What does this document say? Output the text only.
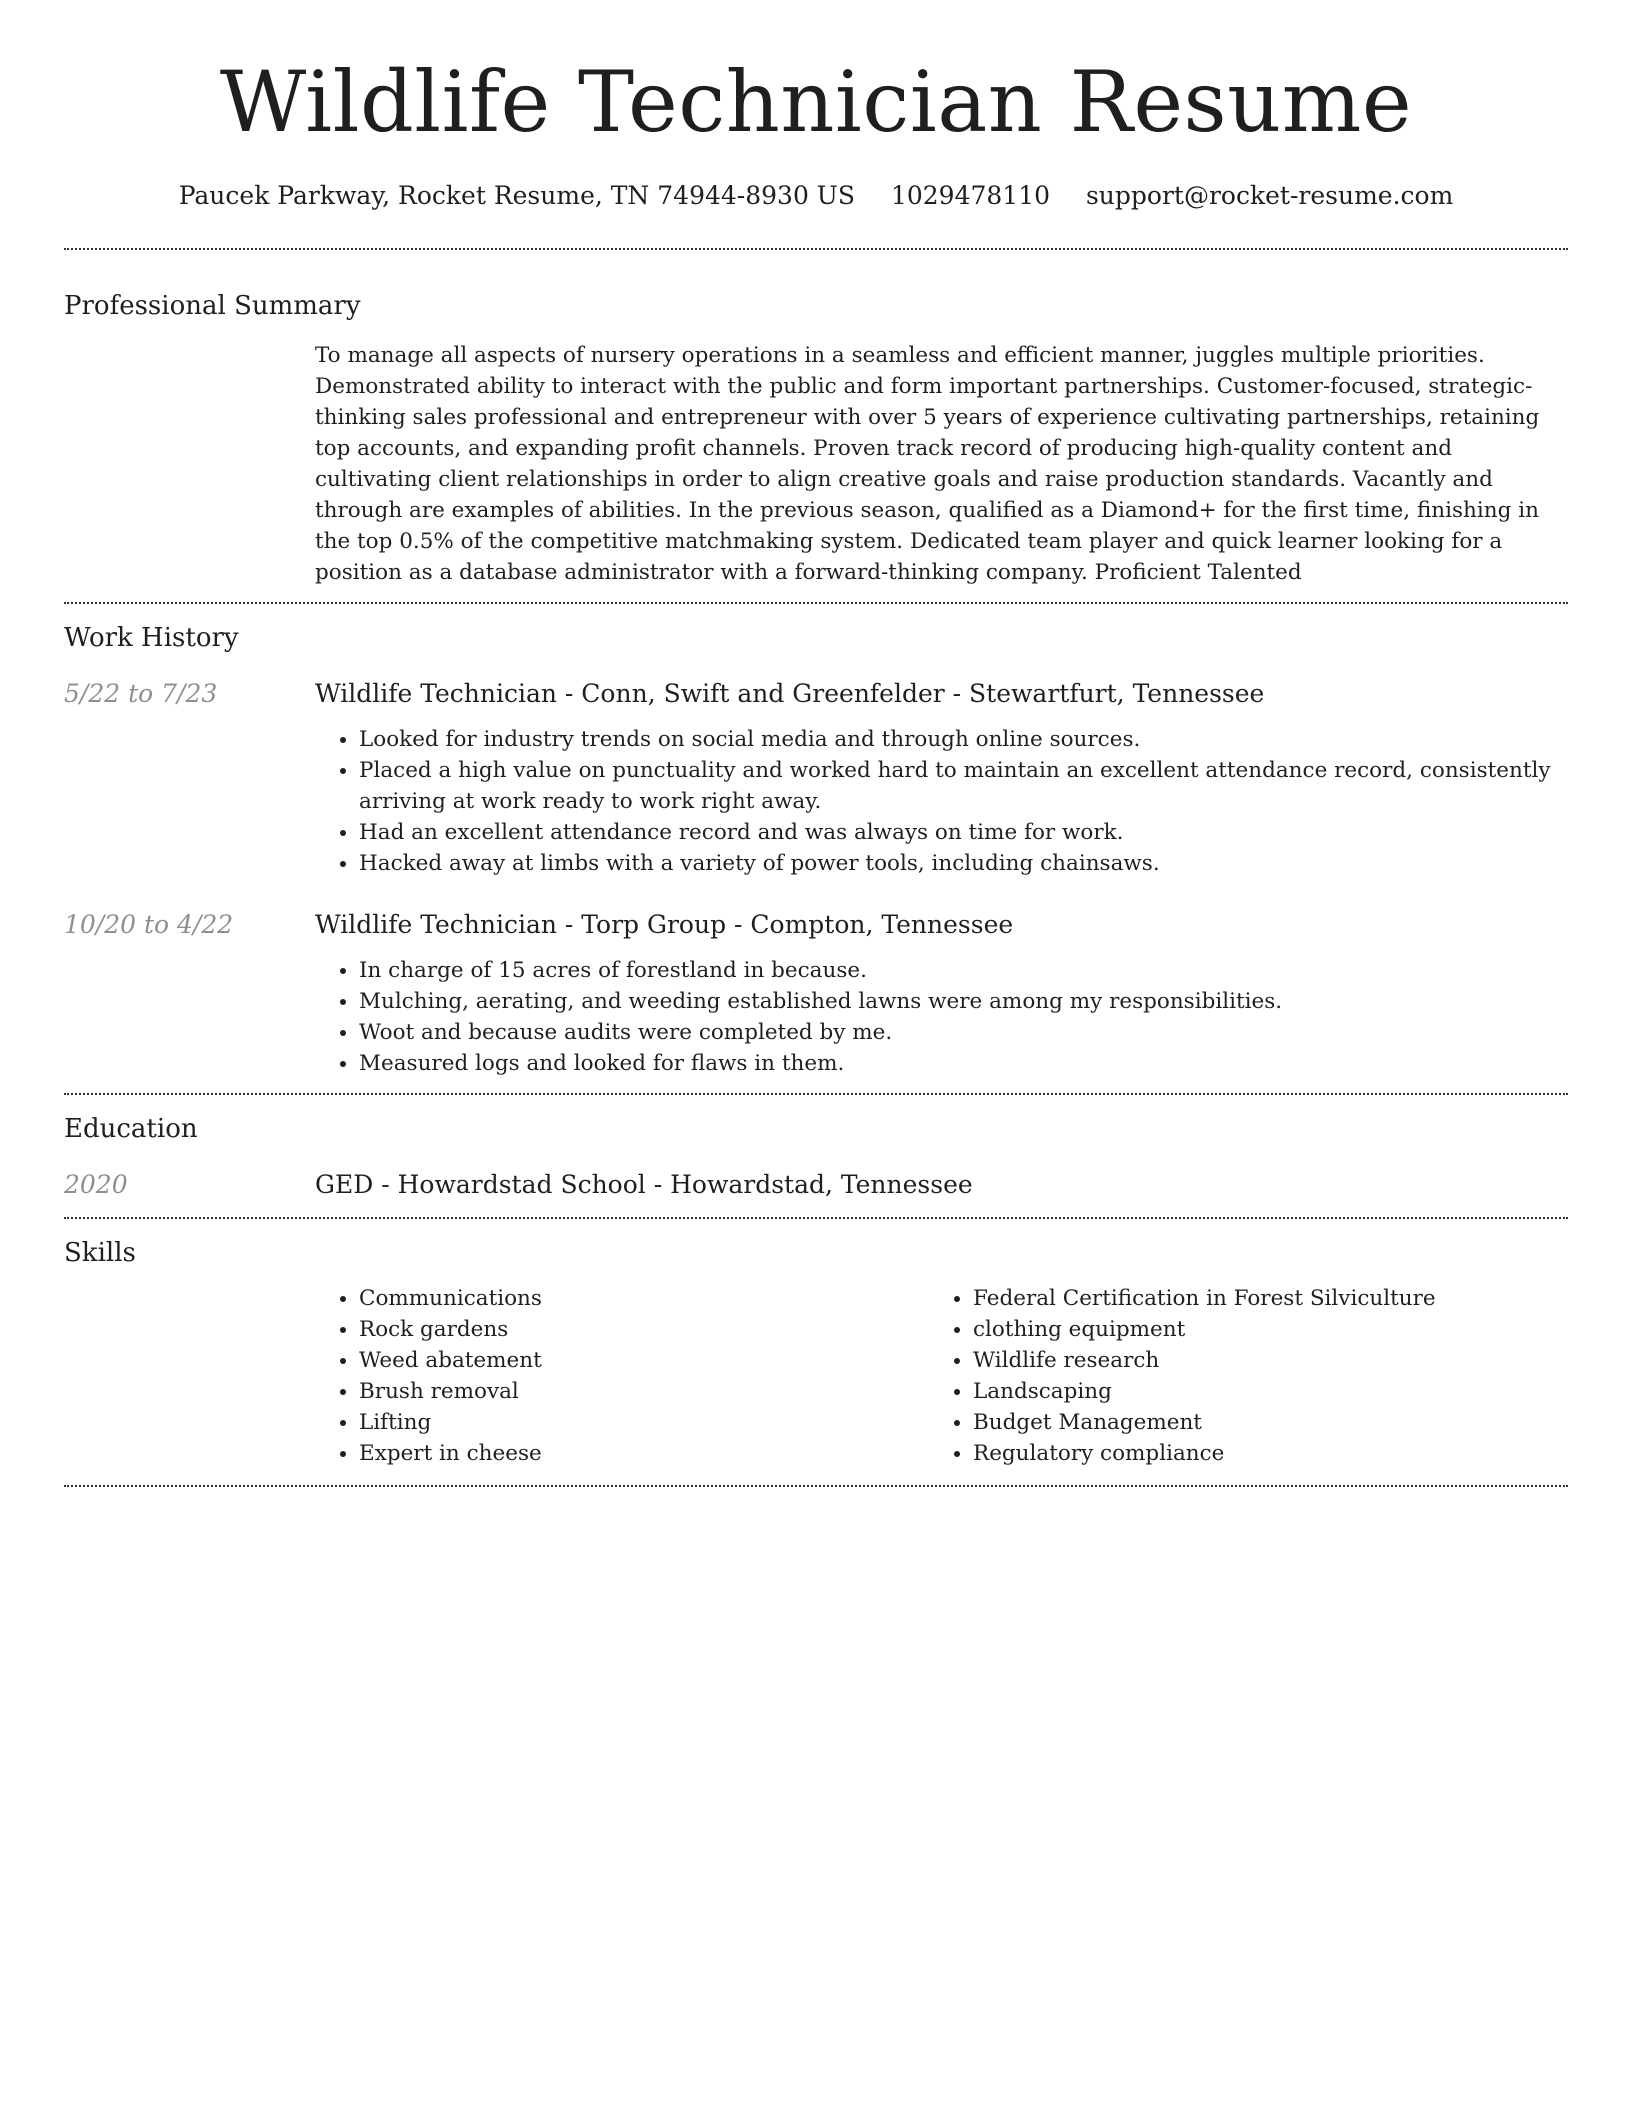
Wildlife Technician Resume
Paucek Parkway, Rocket Resume, TN 74944-8930 US 1029478110 support@rocket-resume.com
Professional Summary

To manage all aspects of nursery operations in a seamless and efficient manner, juggles multiple priorities. Demonstrated ability to interact with the public and form important partnerships. Customer-focused, strategic-thinking sales professional and entrepreneur with over 5 years of experience cultivating partnerships, retaining top accounts, and expanding profit channels. Proven track record of producing high-quality content and cultivating client relationships in order to align creative goals and raise production standards. Vacantly and through are examples of abilities. In the previous season, qualified as a Diamond+ for the first time, finishing in the top 0.5% of the competitive matchmaking system. Dedicated team player and quick learner looking for a position as a database administrator with a forward-thinking company. Proficient Talented

Work History
5/22 to 7/23	Wildlife Technician - Conn, Swift and Greenfelder - Stewartfurt, Tennessee
• Looked for industry trends on social media and through online sources.
• Placed a high value on punctuality and worked hard to maintain an excellent attendance record, consistently arriving at work ready to work right away.
• Had an excellent attendance record and was always on time for work.
• Hacked away at limbs with a variety of power tools, including chainsaws.
10/20 to 4/22	Wildlife Technician - Torp Group - Compton, Tennessee
• In charge of 15 acres of forestland in because.
• Mulching, aerating, and weeding established lawns were among my responsibilities.
• Woot and because audits were completed by me.
• Measured logs and looked for flaws in them.
Education
2020	GED - Howardstad School - Howardstad, Tennessee
Skills
• Communications
• Rock gardens
• Weed abatement
• Brush removal
• Lifting
• Expert in cheese
• Federal Certification in Forest Silviculture
• clothing equipment
• Wildlife research
• Landscaping
• Budget Management
• Regulatory compliance
